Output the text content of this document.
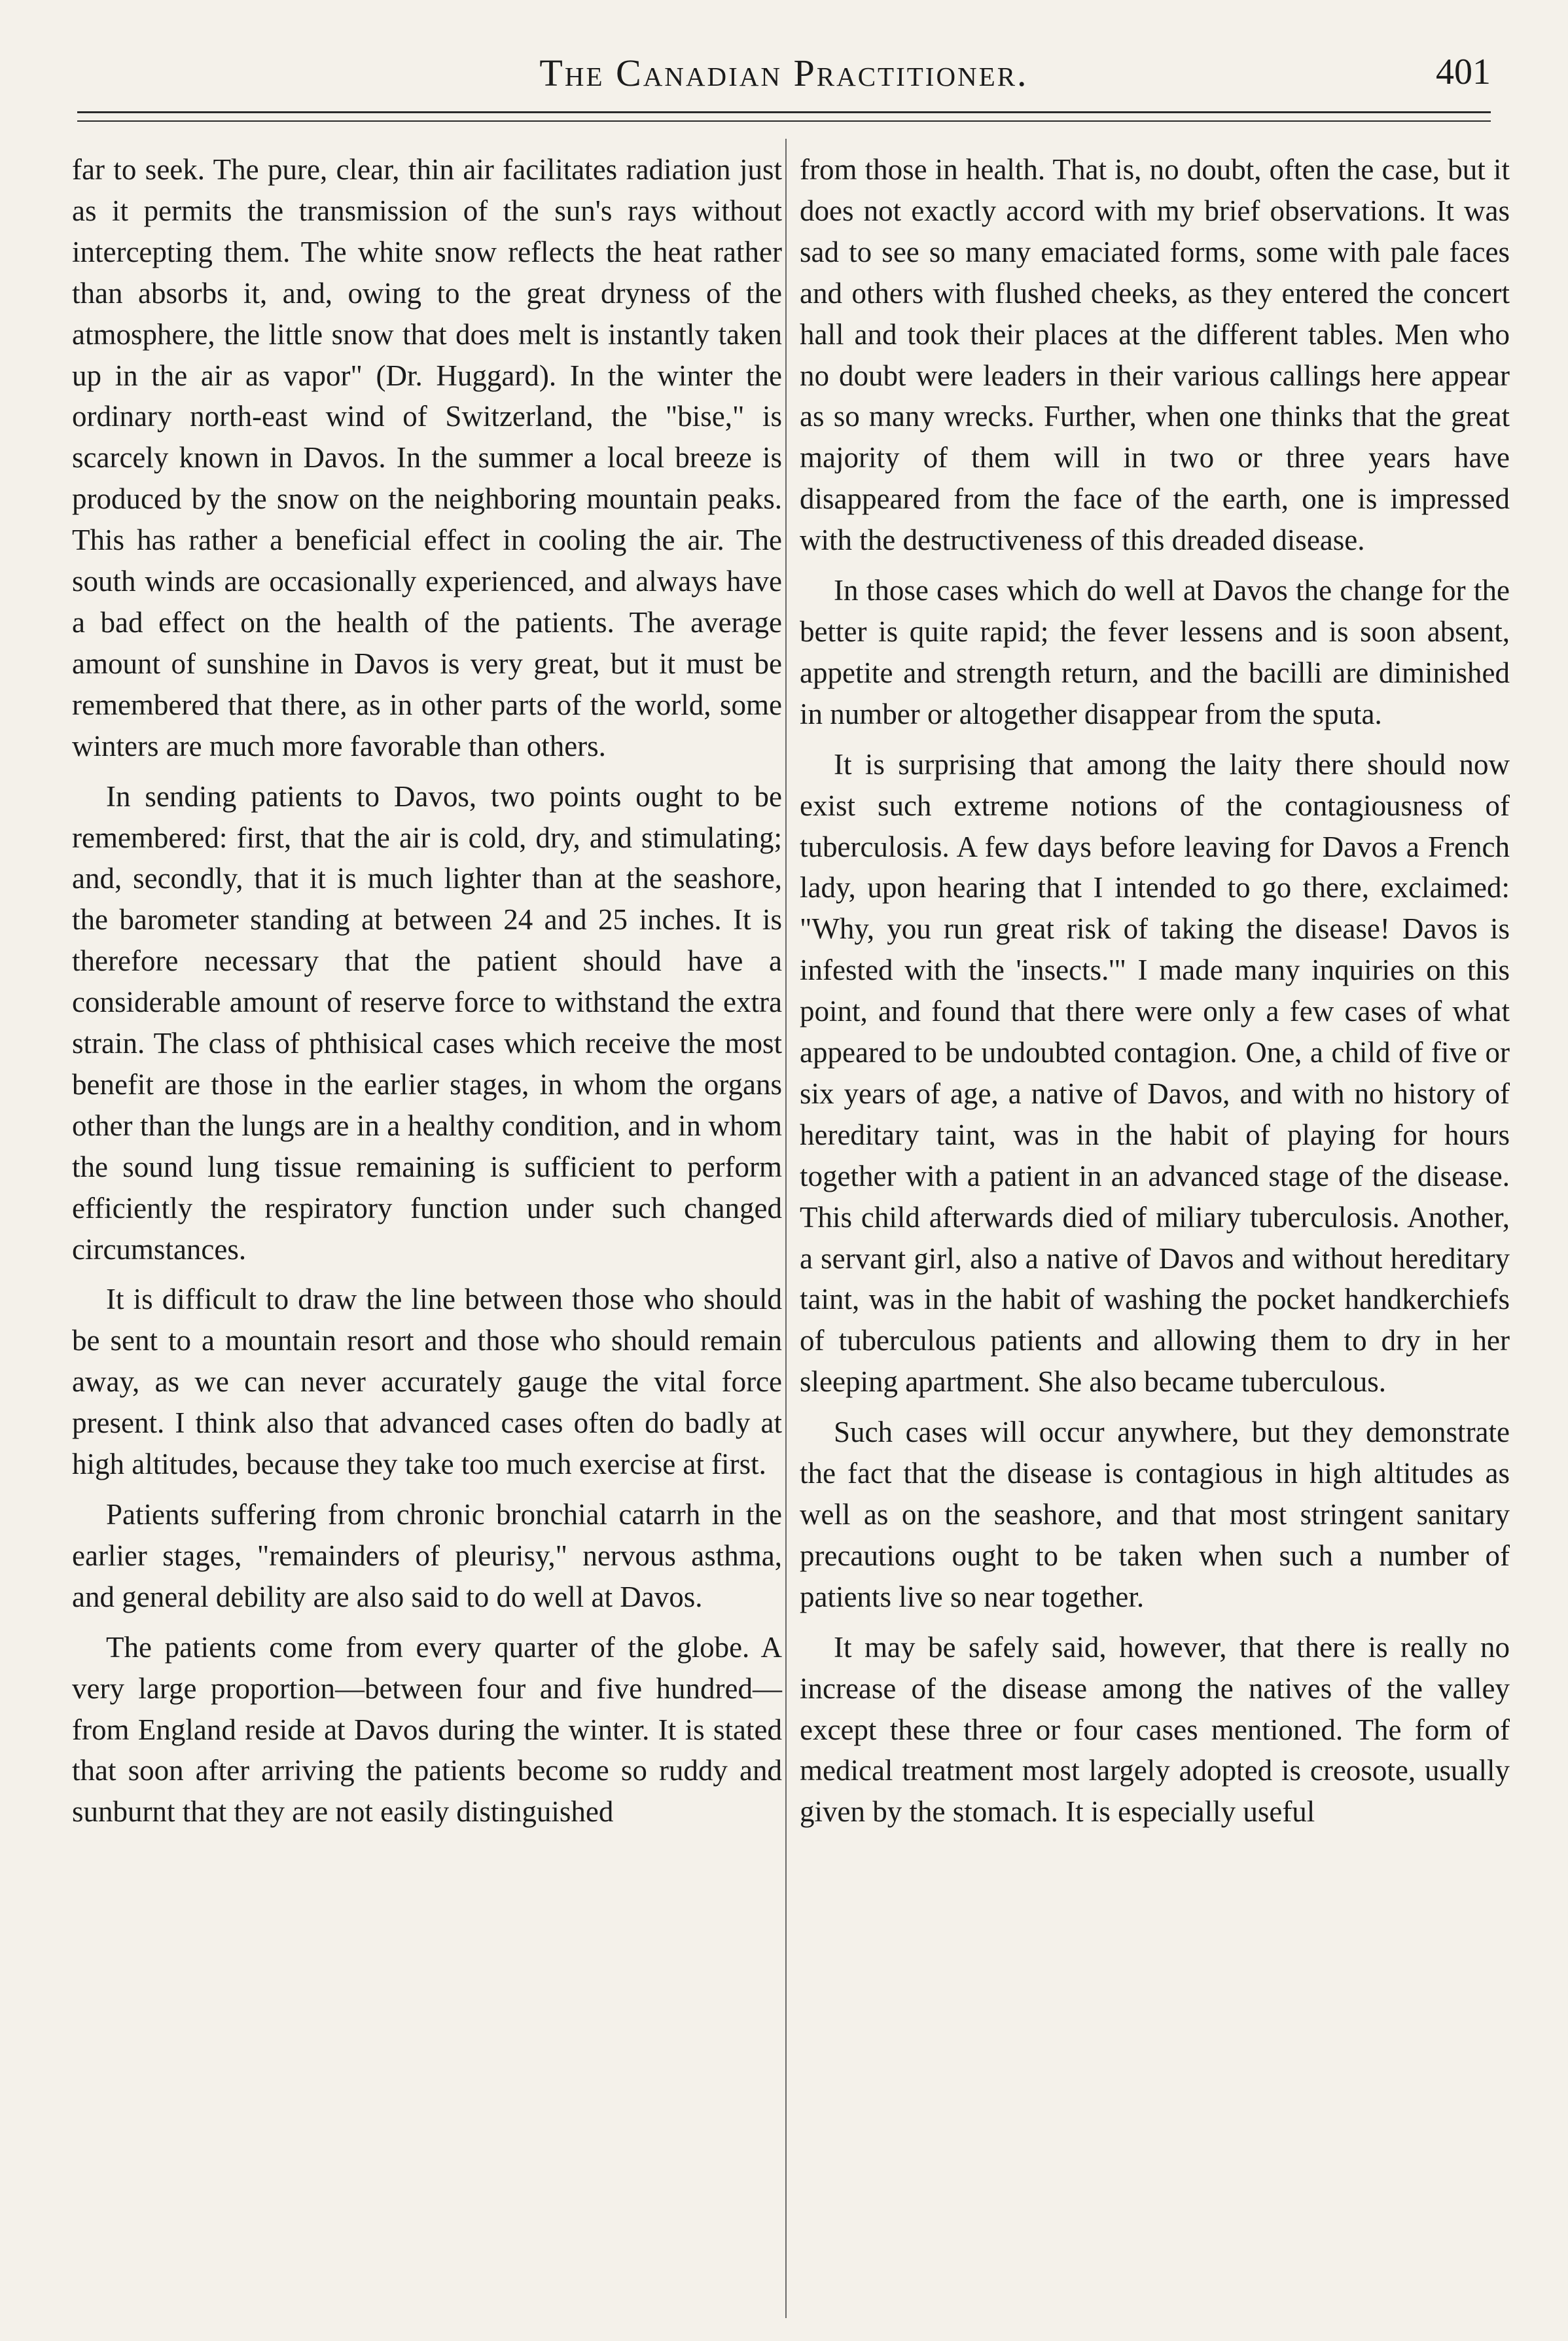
The Canadian Practitioner.	401

far to seek. The pure, clear, thin air facilitates radiation just as it permits the transmission of the sun's rays without intercepting them. The white snow reflects the heat rather than absorbs it, and, owing to the great dryness of the atmosphere, the little snow that does melt is instantly taken up in the air as vapor" (Dr. Huggard). In the winter the ordinary north-east wind of Switzerland, the "bise," is scarcely known in Davos. In the summer a local breeze is produced by the snow on the neighboring mountain peaks. This has rather a beneficial effect in cooling the air. The south winds are occasionally experienced, and always have a bad effect on the health of the patients. The average amount of sunshine in Davos is very great, but it must be remembered that there, as in other parts of the world, some winters are much more favorable than others.

In sending patients to Davos, two points ought to be remembered: first, that the air is cold, dry, and stimulating; and, secondly, that it is much lighter than at the seashore, the barometer standing at between 24 and 25 inches. It is therefore necessary that the patient should have a considerable amount of reserve force to withstand the extra strain. The class of phthisical cases which receive the most benefit are those in the earlier stages, in whom the organs other than the lungs are in a healthy condition, and in whom the sound lung tissue remaining is sufficient to perform efficiently the respiratory function under such changed circumstances.

It is difficult to draw the line between those who should be sent to a mountain resort and those who should remain away, as we can never accurately gauge the vital force present. I think also that advanced cases often do badly at high altitudes, because they take too much exercise at first.

Patients suffering from chronic bronchial catarrh in the earlier stages, "remainders of pleurisy," nervous asthma, and general debility are also said to do well at Davos.

The patients come from every quarter of the globe. A very large proportion—between four and five hundred—from England reside at Davos during the winter. It is stated that soon after arriving the patients become so ruddy and sunburnt that they are not easily distinguished

from those in health. That is, no doubt, often the case, but it does not exactly accord with my brief observations. It was sad to see so many emaciated forms, some with pale faces and others with flushed cheeks, as they entered the concert hall and took their places at the different tables. Men who no doubt were leaders in their various callings here appear as so many wrecks. Further, when one thinks that the great majority of them will in two or three years have disappeared from the face of the earth, one is impressed with the destructiveness of this dreaded disease.

In those cases which do well at Davos the change for the better is quite rapid; the fever lessens and is soon absent, appetite and strength return, and the bacilli are diminished in number or altogether disappear from the sputa.

It is surprising that among the laity there should now exist such extreme notions of the contagiousness of tuberculosis. A few days before leaving for Davos a French lady, upon hearing that I intended to go there, exclaimed: "Why, you run great risk of taking the disease! Davos is infested with the 'insects.'" I made many inquiries on this point, and found that there were only a few cases of what appeared to be undoubted contagion. One, a child of five or six years of age, a native of Davos, and with no history of hereditary taint, was in the habit of playing for hours together with a patient in an advanced stage of the disease. This child afterwards died of miliary tuberculosis. Another, a servant girl, also a native of Davos and without hereditary taint, was in the habit of washing the pocket handkerchiefs of tuberculous patients and allowing them to dry in her sleeping apartment. She also became tuberculous.

Such cases will occur anywhere, but they demonstrate the fact that the disease is contagious in high altitudes as well as on the seashore, and that most stringent sanitary precautions ought to be taken when such a number of patients live so near together.

It may be safely said, however, that there is really no increase of the disease among the natives of the valley except these three or four cases mentioned. The form of medical treatment most largely adopted is creosote, usually given by the stomach. It is especially useful
